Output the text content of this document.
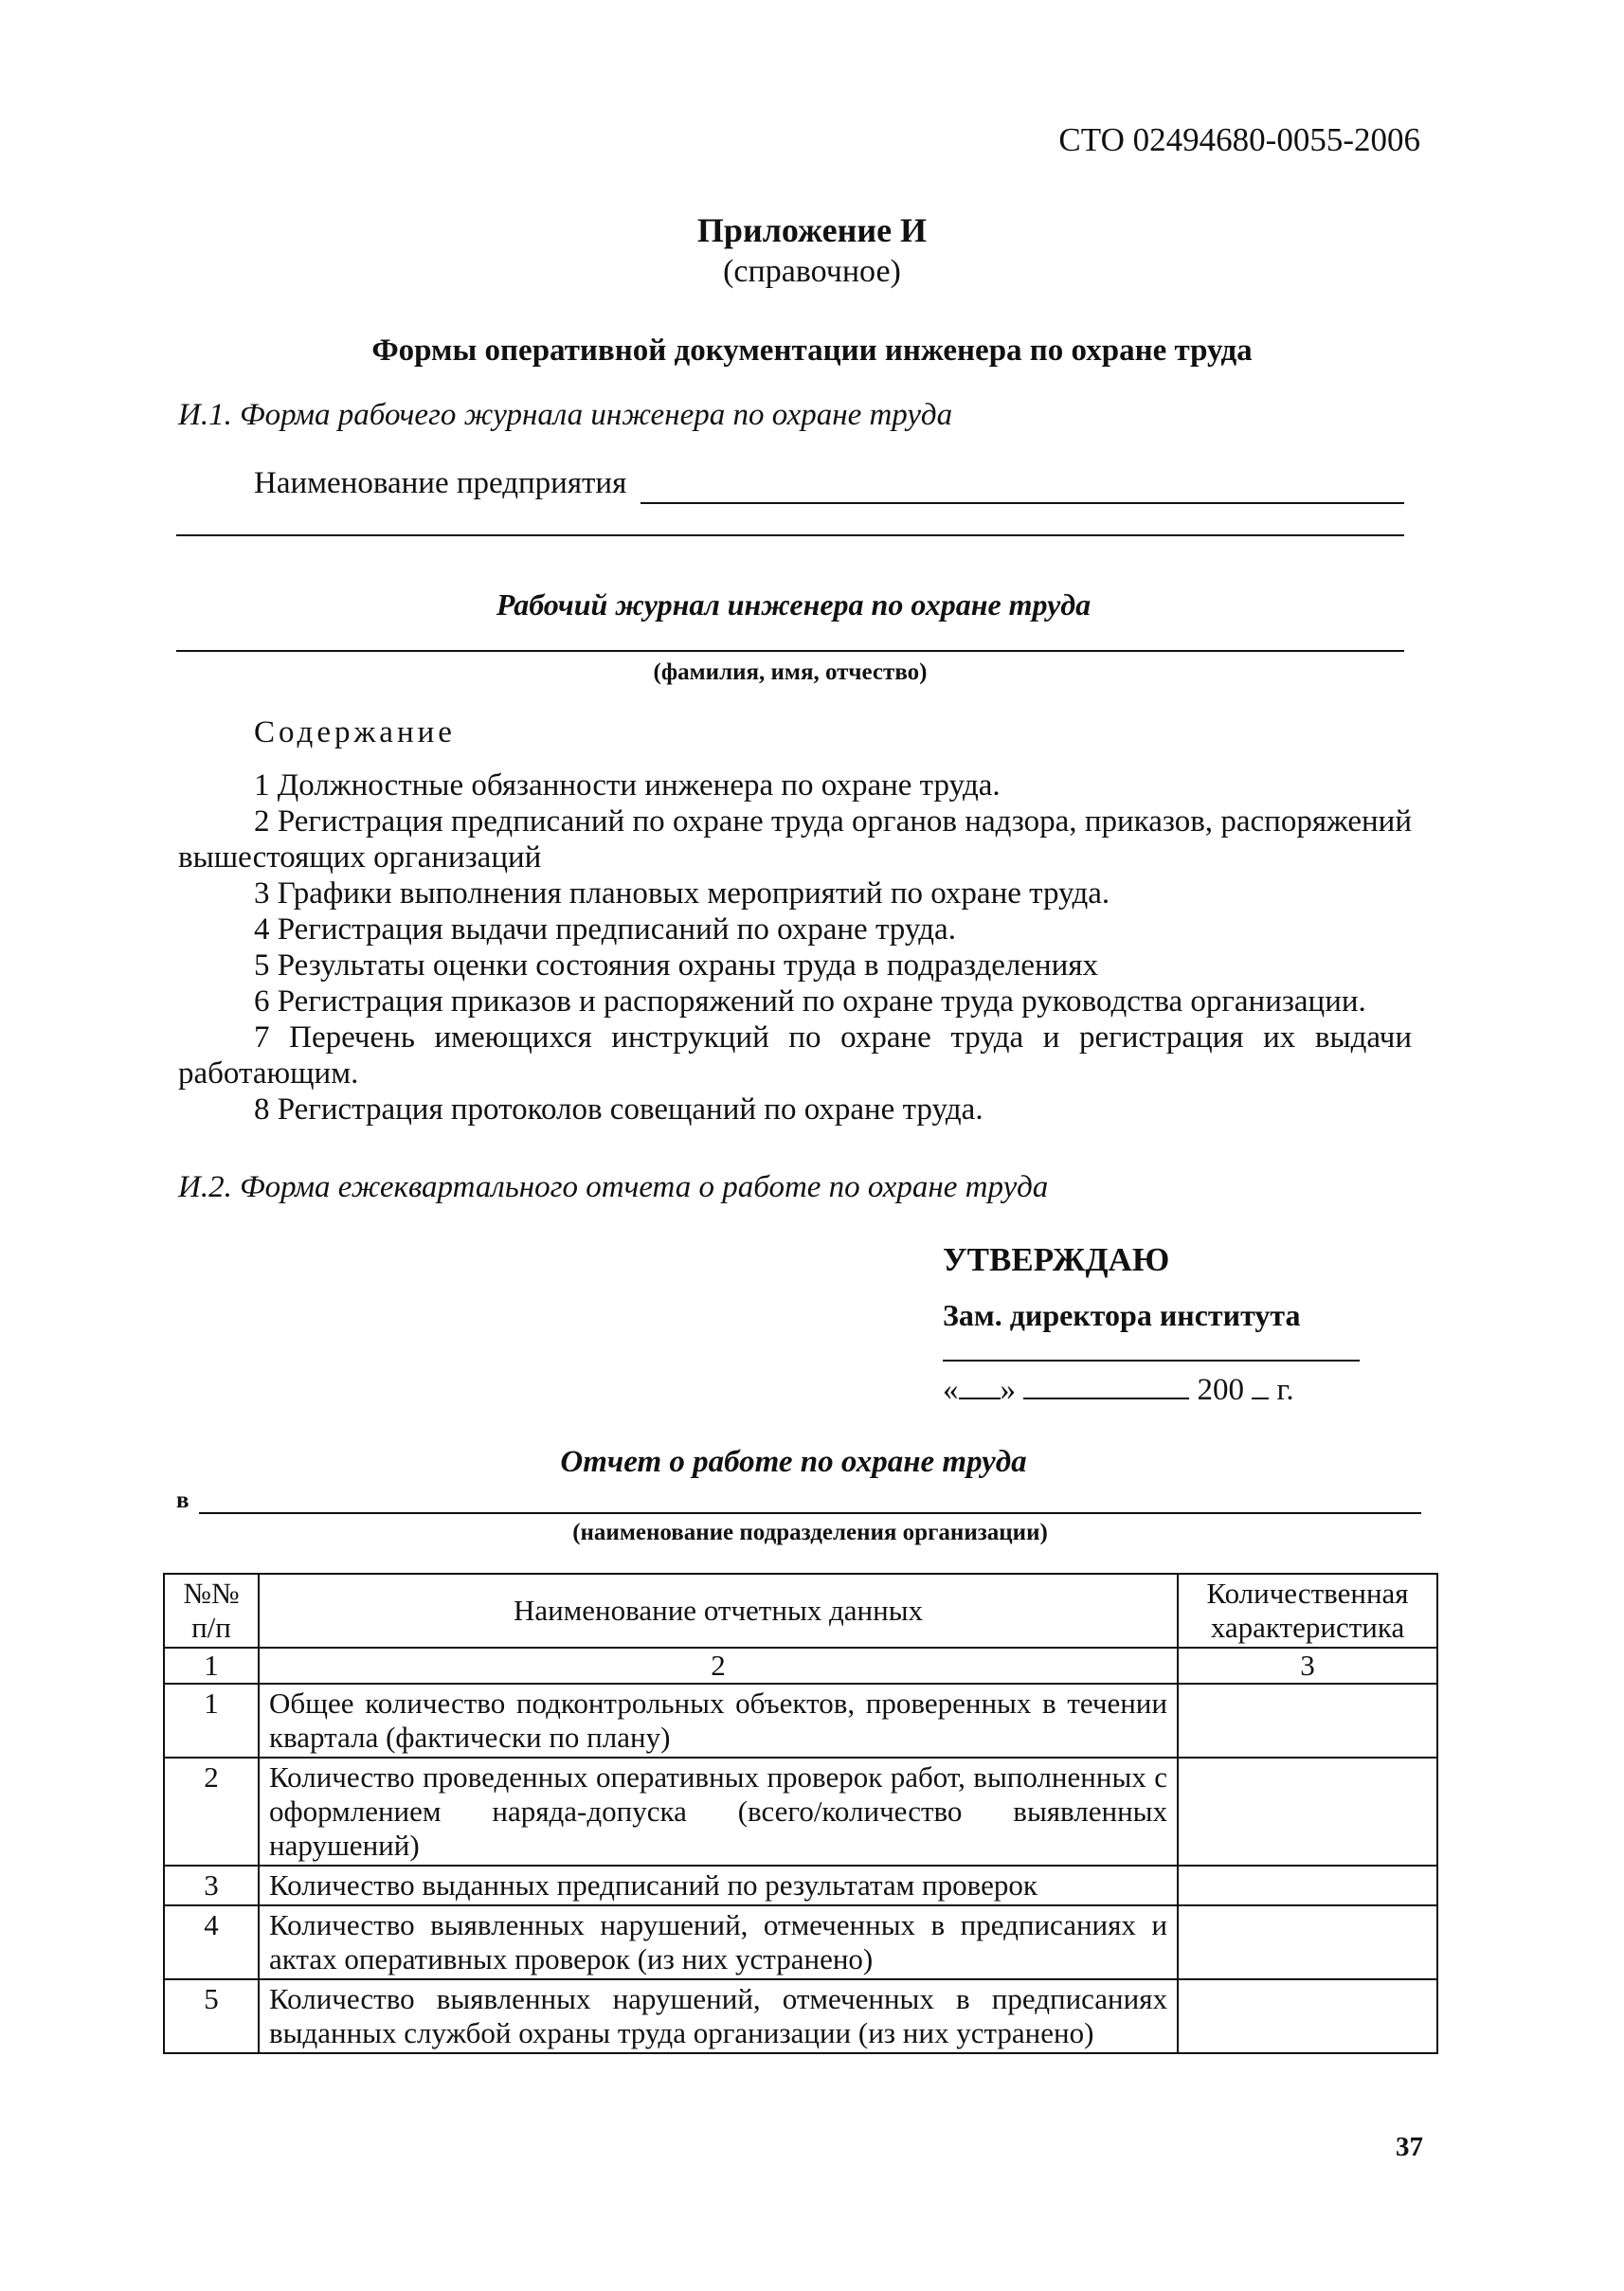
СТО 02494680-0055-2006
Приложение И
(справочное)
Формы оперативной документации инженера по охране труда
И.1. Форма рабочего журнала инженера по охране труда
Наименование предприятия
Рабочий журнал инженера по охране труда
(фамилия, имя, отчество)
Содержание
1 Должностные обязанности инженера по охране труда.
2 Регистрация предписаний по охране труда органов надзора, приказов, распоряжений вышестоящих организаций
3 Графики выполнения плановых мероприятий по охране труда.
4 Регистрация выдачи предписаний по охране труда.
5 Результаты оценки состояния охраны труда в подразделениях
6 Регистрация приказов и распоряжений по охране труда руководства организации.
7 Перечень имеющихся инструкций по охране труда и регистрация их выдачи работающим.
8 Регистрация протоколов совещаний по охране труда.
И.2. Форма ежеквартального отчета о работе по охране труда
УТВЕРЖДАЮ
Зам. директора института
« »	200 г.
Отчет о работе по охране труда
в
(наименование подразделения организации)
№№ п/п	Наименование отчетных данных	Количественная характеристика
1	2	3
1	Общее количество подконтрольных объектов, проверенных в течении квартала (фактически по плану)	
2	Количество проведенных оперативных проверок работ, выполненных с оформлением наряда-допуска (всего/количество выявленных нарушений)	
3	Количество выданных предписаний по результатам проверок	
4	Количество выявленных нарушений, отмеченных в предписаниях и актах оперативных проверок (из них устранено)	
5	Количество выявленных нарушений, отмеченных в предписаниях выданных службой охраны труда организации (из них устранено)	
37
